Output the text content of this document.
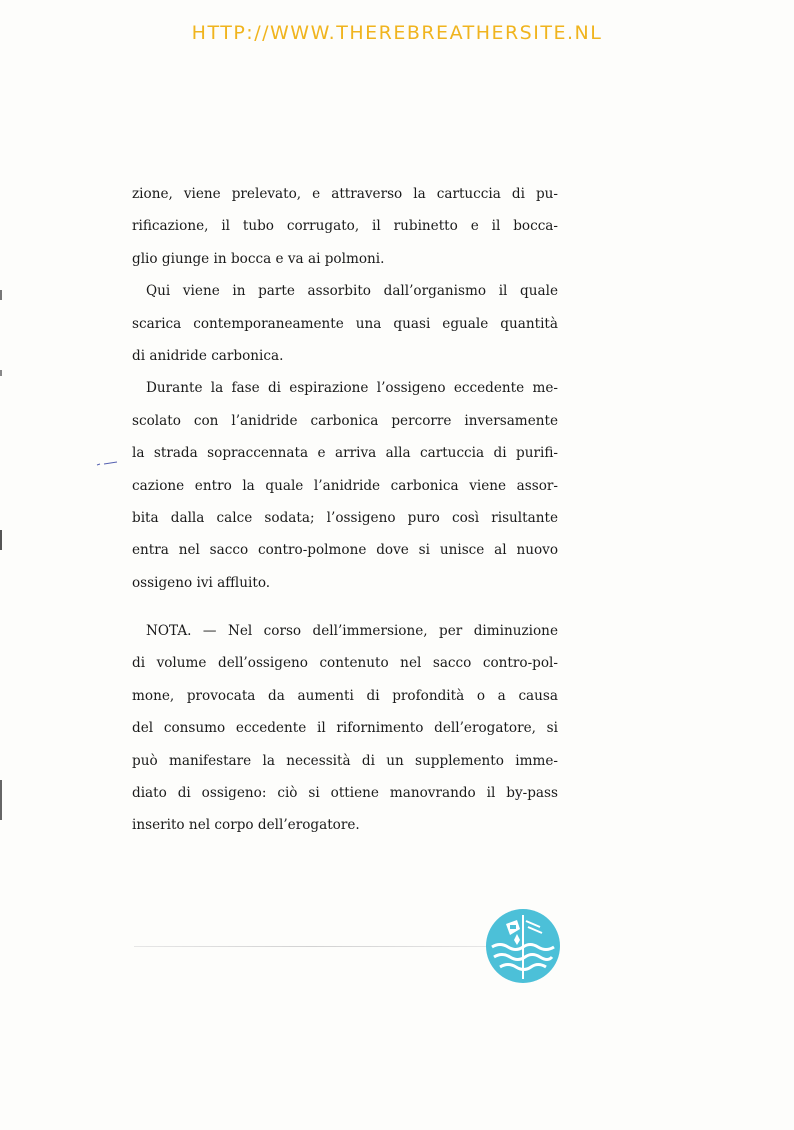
HTTP://WWW.THEREBREATHERSITE.NL

zione, viene prelevato, e attraverso la cartuccia di pu-
rificazione, il tubo corrugato, il rubinetto e il bocca-
glio giunge in bocca e va ai polmoni.

Qui viene in parte assorbito dall’organismo il quale
scarica contemporaneamente una quasi eguale quantità
di anidride carbonica.

Durante la fase di espirazione l’ossigeno eccedente me-
scolato con l’anidride carbonica percorre inversamente
la strada sopraccennata e arriva alla cartuccia di purifi-
cazione entro la quale l’anidride carbonica viene assor-
bita dalla calce sodata; l’ossigeno puro così risultante
entra nel sacco contro-polmone dove si unisce al nuovo
ossigeno ivi affluito.

NOTA. — Nel corso dell’immersione, per diminuzione
di volume dell’ossigeno contenuto nel sacco contro-pol-
mone, provocata da aumenti di profondità o a causa
del consumo eccedente il rifornimento dell’erogatore, si
può manifestare la necessità di un supplemento imme-
diato di ossigeno: ciò si ottiene manovrando il by-pass
inserito nel corpo dell’erogatore.
